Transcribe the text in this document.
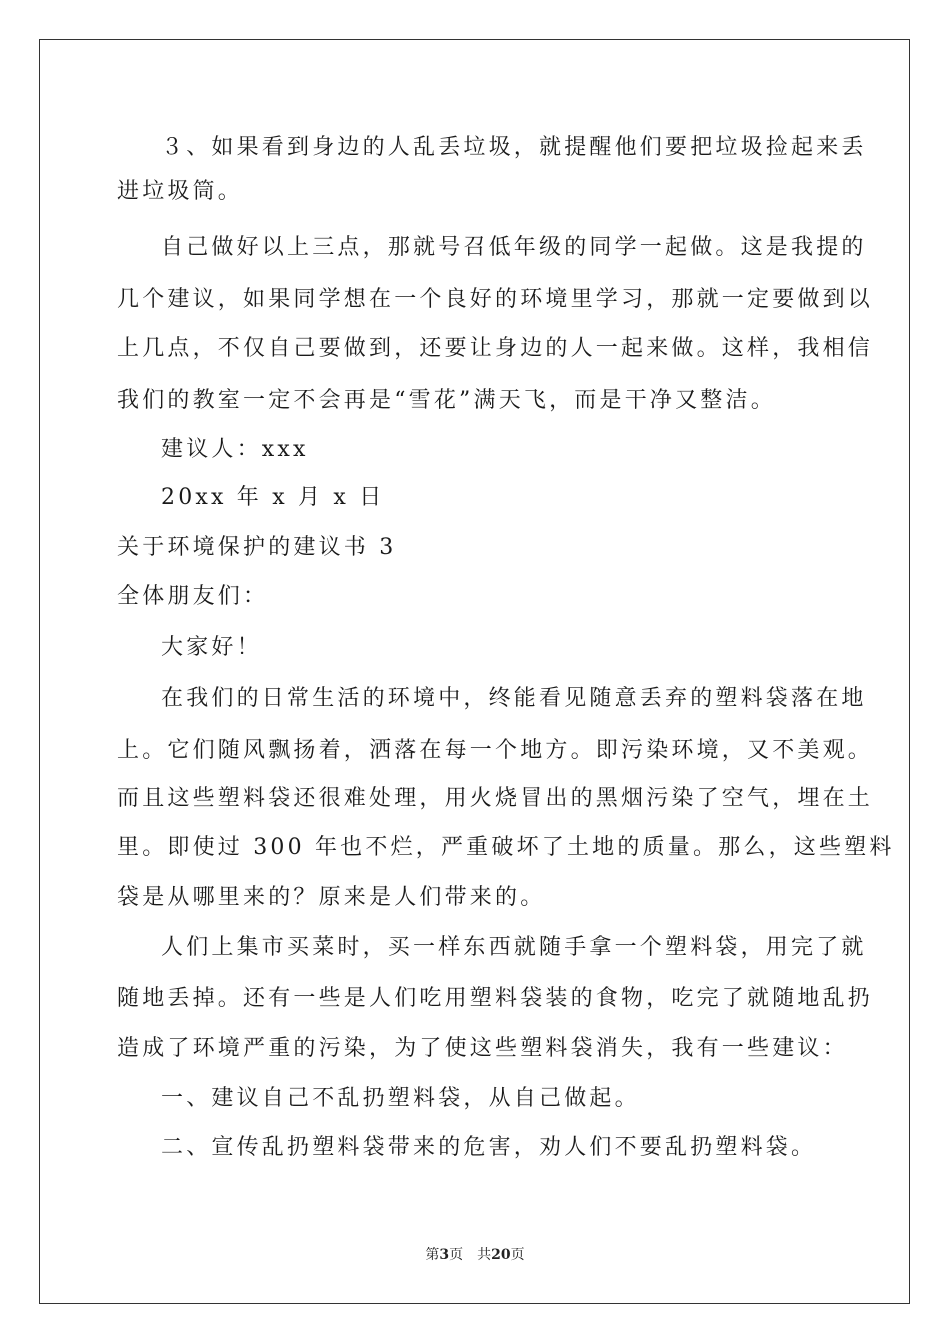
３、如果看到身边的人乱丢垃圾，就提醒他们要把垃圾捡起来丢
进垃圾筒。
自己做好以上三点，那就号召低年级的同学一起做。这是我提的
几个建议，如果同学想在一个良好的环境里学习，那就一定要做到以
上几点，不仅自己要做到，还要让身边的人一起来做。这样，我相信
我们的教室一定不会再是“雪花”满天飞，而是干净又整洁。
建议人：xxx
20xx 年 x 月 x 日
关于环境保护的建议书 3
全体朋友们：
大家好！
在我们的日常生活的环境中，终能看见随意丢弃的塑料袋落在地
上。它们随风飘扬着，洒落在每一个地方。即污染环境，又不美观。
而且这些塑料袋还很难处理，用火烧冒出的黑烟污染了空气，埋在土
里。即使过 300 年也不烂，严重破坏了土地的质量。那么，这些塑料
袋是从哪里来的？原来是人们带来的。
人们上集市买菜时，买一样东西就随手拿一个塑料袋，用完了就
随地丢掉。还有一些是人们吃用塑料袋装的食物，吃完了就随地乱扔
造成了环境严重的污染，为了使这些塑料袋消失，我有一些建议：
一、建议自己不乱扔塑料袋，从自己做起。
二、宣传乱扔塑料袋带来的危害，劝人们不要乱扔塑料袋。
第3页 共20页
